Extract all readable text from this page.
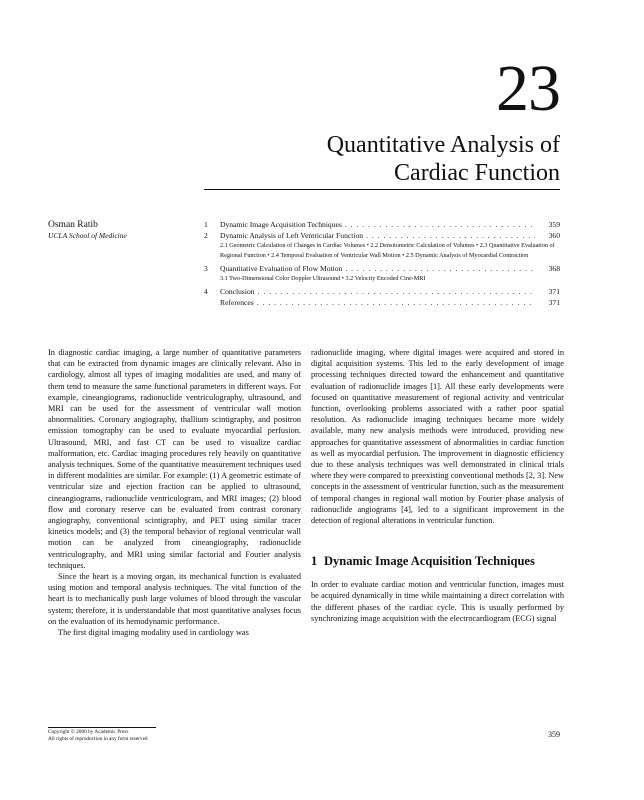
23
Quantitative Analysis of
Cardiac Function
Osman Ratib
UCLA School of Medicine
1	Dynamic Image Acquisition Techniques . . .	359
2	Dynamic Analysis of Left Ventricular Function . . .	360
2.1 Geometric Calculation of Changes in Cardiac Volumes • 2.2 Densitometric Calculation of Volumes • 2.3 Quantitative Evaluation of Regional Function • 2.4 Temporal Evaluation of Ventricular Wall Motion • 2.5 Dynamic Analysis of Myocardial Contraction
3	Quantitative Evaluation of Flow Motion . . .	368
3.1 Two-Dimensional Color Doppler Ultrasound • 3.2 Velocity Encoded Cine-MRI
4	Conclusion . . .	371
References . . .	371

In diagnostic cardiac imaging, a large number of quantitative parameters that can be extracted from dynamic images are clinically relevant. Also in cardiology, almost all types of imaging modalities are used, and many of them tend to measure the same functional parameters in different ways. For example, cineangiograms, radionuclide ventriculography, ultrasound, and MRI can be used for the assessment of ventricular wall motion abnormalities. Coronary angiography, thallium scintigraphy, and positron emission tomography can be used to evaluate myocardial perfusion. Ultrasound, MRI, and fast CT can be used to visualize cardiac malformation, etc. Cardiac imaging procedures rely heavily on quantitative analysis techniques. Some of the quantitative measurement techniques used in different modalities are similar. For example: (1) A geometric estimate of ventricular size and ejection fraction can be applied to ultrasound, cineangiograms, radionuclide ventriculogram, and MRI images; (2) blood flow and coronary reserve can be evaluated from contrast coronary angiography, conventional scintigraphy, and PET using similar tracer kinetics models; and (3) the temporal behavior of regional ventricular wall motion can be analyzed from cineangiography, radionuclide ventriculography, and MRI using similar factorial and Fourier analysis techniques.

Since the heart is a moving organ, its mechanical function is evaluated using motion and temporal analysis techniques. The vital function of the heart is to mechanically push large volumes of blood through the vascular system; therefore, it is understandable that most quantitative analyses focus on the evaluation of its hemodynamic performance.

The first digital imaging modality used in cardiology was

radionuclide imaging, where digital images were acquired and stored in digital acquisition systems. This led to the early development of image processing techniques directed toward the enhancement and quantitative evaluation of radionuclide images [1]. All these early developments were focused on quantitative measurement of regional activity and ventricular function, overlooking problems associated with a rather poor spatial resolution. As radionuclide imaging techniques became more widely available, many new analysis methods were introduced, providing new approaches for quantitative assessment of abnormalities in cardiac function as well as myocardial perfusion. The improvement in diagnostic efficiency due to these analysis techniques was well demonstrated in clinical trials where they were compared to preexisting conventional methods [2, 3]. New concepts in the assessment of ventricular function, such as the measurement of temporal changes in regional wall motion by Fourier phase analysis of radionuclide angiograms [4], led to a significant improvement in the detection of regional alterations in ventricular function.

1 Dynamic Image Acquisition Techniques

In order to evaluate cardiac motion and ventricular function, images must be acquired dynamically in time while maintaining a direct correlation with the different phases of the cardiac cycle. This is usually performed by synchronizing image acquisition with the electrocardiogram (ECG) signal

Copyright © 2000 by Academic Press
All rights of reproduction in any form reserved	359
